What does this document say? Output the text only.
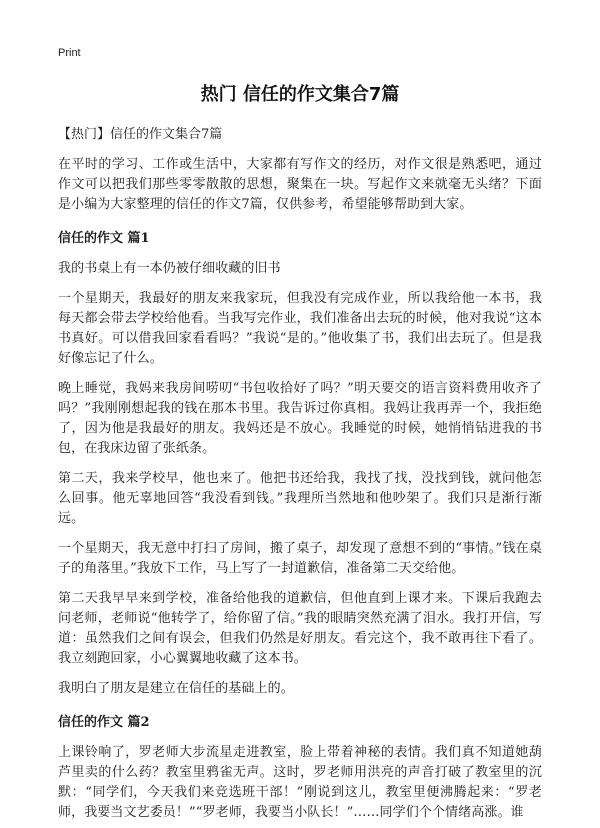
Print
热门 信任的作文集合7篇
【热门】信任的作文集合7篇

在平时的学习、工作或生活中，大家都有写作文的经历，对作文很是熟悉吧，通过作文可以把我们那些零零散散的思想，聚集在一块。写起作文来就毫无头绪？下面是小编为大家整理的信任的作文7篇，仅供参考，希望能够帮助到大家。

信任的作文 篇1

我的书桌上有一本仍被仔细收藏的旧书

一个星期天，我最好的朋友来我家玩，但我没有完成作业，所以我给他一本书，我每天都会带去学校给他看。当我写完作业，我们准备出去玩的时候，他对我说“这本书真好。可以借我回家看看吗？”我说“是的。”他收集了书，我们出去玩了。但是我好像忘记了什么。

晚上睡觉，我妈来我房间唠叨“书包收拾好了吗？”明天要交的语言资料费用收齐了吗？”我刚刚想起我的钱在那本书里。我告诉过你真相。我妈让我再弄一个，我拒绝了，因为他是我最好的朋友。我妈还是不放心。我睡觉的时候，她悄悄钻进我的书包，在我床边留了张纸条。

第二天，我来学校早，他也来了。他把书还给我，我找了找，没找到钱，就问他怎么回事。他无辜地回答“我没看到钱。”我理所当然地和他吵架了。我们只是渐行渐远。

一个星期天，我无意中打扫了房间，搬了桌子，却发现了意想不到的“事情。”钱在桌子的角落里。”我放下工作，马上写了一封道歉信，准备第二天交给他。

第二天我早早来到学校，准备给他我的道歉信，但他直到上课才来。下课后我跑去问老师，老师说“他转学了，给你留了信。”我的眼睛突然充满了泪水。我打开信，写道：虽然我们之间有误会，但我们仍然是好朋友。看完这个，我不敢再往下看了。我立刻跑回家，小心翼翼地收藏了这本书。

我明白了朋友是建立在信任的基础上的。

信任的作文 篇2

上课铃响了，罗老师大步流星走进教室，脸上带着神秘的表情。我们真不知道她葫芦里卖的什么药？教室里鸦雀无声。这时，罗老师用洪亮的声音打破了教室里的沉默：“同学们，今天我们来竞选班干部！”刚说到这儿，教室里便沸腾起来：“罗老师，我要当文艺委员！”“罗老师，我要当小队长！”……同学们个个情绪高涨。谁
